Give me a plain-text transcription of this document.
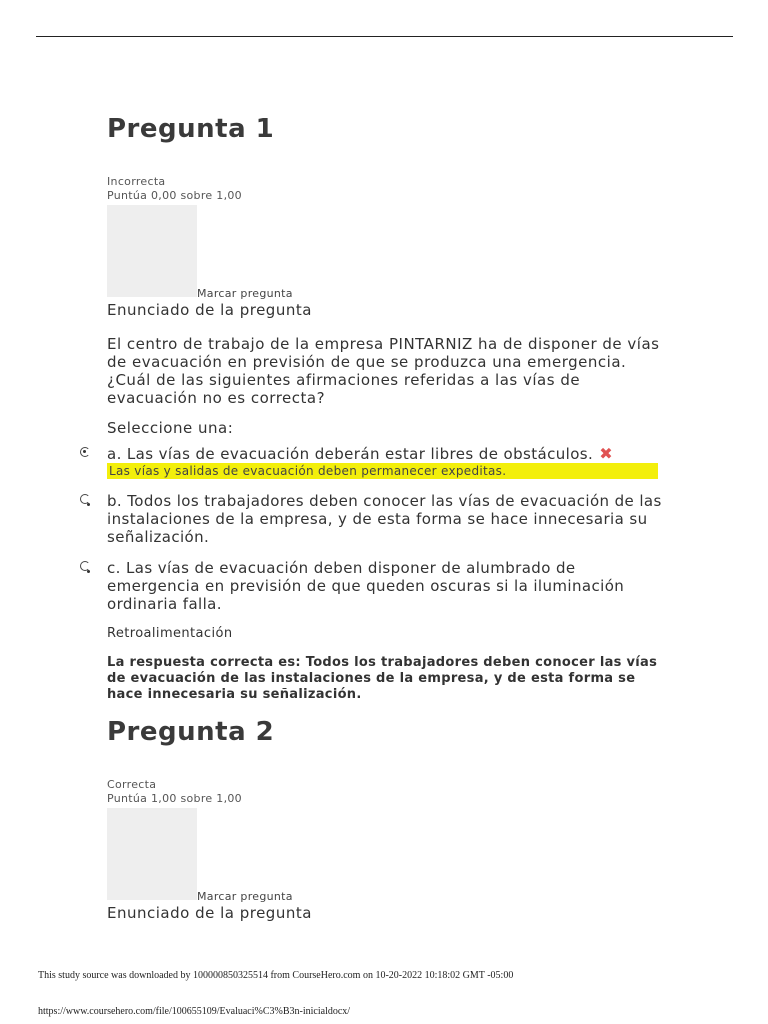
Pregunta 1
Incorrecta
Puntúa 0,00 sobre 1,00
Marcar pregunta
Enunciado de la pregunta
El centro de trabajo de la empresa PINTARNIZ ha de disponer de vías de evacuación en previsión de que se produzca una emergencia. ¿Cuál de las siguientes afirmaciones referidas a las vías de evacuación no es correcta?
Seleccione una:
a. Las vías de evacuación deberán estar libres de obstáculos. ✖
Las vías y salidas de evacuación deben permanecer expeditas.
b. Todos los trabajadores deben conocer las vías de evacuación de las instalaciones de la empresa, y de esta forma se hace innecesaria su señalización.
c. Las vías de evacuación deben disponer de alumbrado de emergencia en previsión de que queden oscuras si la iluminación ordinaria falla.
Retroalimentación
La respuesta correcta es: Todos los trabajadores deben conocer las vías de evacuación de las instalaciones de la empresa, y de esta forma se hace innecesaria su señalización.
Pregunta 2
Correcta
Puntúa 1,00 sobre 1,00
Marcar pregunta
Enunciado de la pregunta
This study source was downloaded by 100000850325514 from CourseHero.com on 10-20-2022 10:18:02 GMT -05:00
https://www.coursehero.com/file/100655109/Evaluaci%C3%B3n-inicialdocx/
